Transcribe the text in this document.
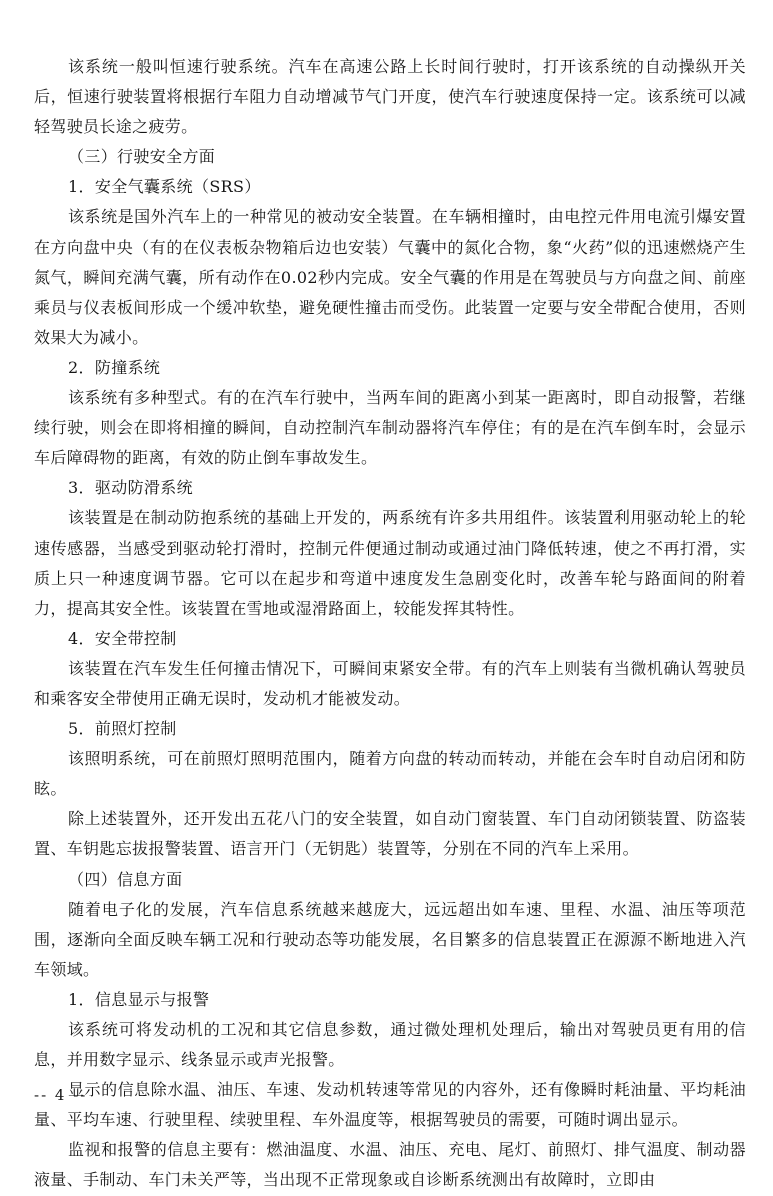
该系统一般叫恒速行驶系统。汽车在高速公路上长时间行驶时，打开该系统的自动操纵开关后，恒速行驶装置将根据行车阻力自动增减节气门开度，使汽车行驶速度保持一定。该系统可以减轻驾驶员长途之疲劳。

（三）行驶安全方面

1．安全气囊系统（SRS）

该系统是国外汽车上的一种常见的被动安全装置。在车辆相撞时，由电控元件用电流引爆安置在方向盘中央（有的在仪表板杂物箱后边也安装）气囊中的氮化合物，象“火药”似的迅速燃烧产生氮气，瞬间充满气囊，所有动作在0.02秒内完成。安全气囊的作用是在驾驶员与方向盘之间、前座乘员与仪表板间形成一个缓冲软垫，避免硬性撞击而受伤。此装置一定要与安全带配合使用，否则效果大为减小。

2．防撞系统

该系统有多种型式。有的在汽车行驶中，当两车间的距离小到某一距离时，即自动报警，若继续行驶，则会在即将相撞的瞬间，自动控制汽车制动器将汽车停住；有的是在汽车倒车时，会显示车后障碍物的距离，有效的防止倒车事故发生。

3．驱动防滑系统

该装置是在制动防抱系统的基础上开发的，两系统有许多共用组件。该装置利用驱动轮上的轮速传感器，当感受到驱动轮打滑时，控制元件便通过制动或通过油门降低转速，使之不再打滑，实质上只一种速度调节器。它可以在起步和弯道中速度发生急剧变化时，改善车轮与路面间的附着力，提高其安全性。该装置在雪地或湿滑路面上，较能发挥其特性。

4．安全带控制

该装置在汽车发生任何撞击情况下，可瞬间束紧安全带。有的汽车上则装有当微机确认驾驶员和乘客安全带使用正确无误时，发动机才能被发动。

5．前照灯控制

该照明系统，可在前照灯照明范围内，随着方向盘的转动而转动，并能在会车时自动启闭和防眩。

除上述装置外，还开发出五花八门的安全装置，如自动门窗装置、车门自动闭锁装置、防盗装置、车钥匙忘拔报警装置、语言开门（无钥匙）装置等，分别在不同的汽车上采用。

（四）信息方面

随着电子化的发展，汽车信息系统越来越庞大，远远超出如车速、里程、水温、油压等项范围，逐渐向全面反映车辆工况和行驶动态等功能发展，名目繁多的信息装置正在源源不断地进入汽车领域。

1．信息显示与报警

该系统可将发动机的工况和其它信息参数，通过微处理机处理后，输出对驾驶员更有用的信息，并用数字显示、线条显示或声光报警。

显示的信息除水温、油压、车速、发动机转速等常见的内容外，还有像瞬时耗油量、平均耗油量、平均车速、行驶里程、续驶里程、车外温度等，根据驾驶员的需要，可随时调出显示。

监视和报警的信息主要有：燃油温度、水温、油压、充电、尾灯、前照灯、排气温度、制动器液量、手制动、车门未关严等，当出现不正常现象或自诊断系统测出有故障时，立即由

-- 4 --
